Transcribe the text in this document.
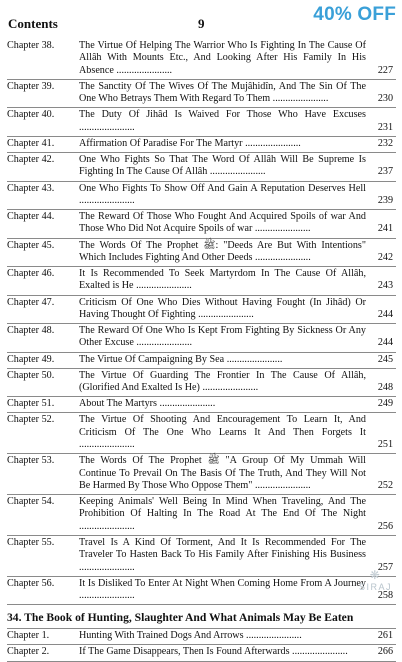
Contents	9	40% OFF
Chapter 38.	The Virtue Of Helping The Warrior Who Is Fighting In The Cause Of Allâh With Mounts Etc., And Looking After His Family In His Absence ......................	227
Chapter 39.	The Sanctity Of The Wives Of The Mujâhidîn, And The Sin Of The One Who Betrays Them With Regard To Them ......................	230
Chapter 40.	The Duty Of Jihâd Is Waived For Those Who Have Excuses ......................	231
Chapter 41.	Affirmation Of Paradise For The Martyr ......................	232
Chapter 42.	One Who Fights So That The Word Of Allâh Will Be Supreme Is Fighting In The Cause Of Allâh ......................	237
Chapter 43.	One Who Fights To Show Off And Gain A Reputation Deserves Hell ......................	239
Chapter 44.	The Reward Of Those Who Fought And Acquired Spoils of war And Those Who Did Not Acquire Spoils of war ......................	241
Chapter 45.	The Words Of The Prophet ﷺ: "Deeds Are But With Intentions" Which Includes Fighting And Other Deeds ......................	242
Chapter 46.	It Is Recommended To Seek Martyrdom In The Cause Of Allâh, Exalted is He ......................	243
Chapter 47.	Criticism Of One Who Dies Without Having Fought (In Jihâd) Or Having Thought Of Fighting ......................	244
Chapter 48.	The Reward Of One Who Is Kept From Fighting By Sickness Or Any Other Excuse ......................	244
Chapter 49.	The Virtue Of Campaigning By Sea ......................	245
Chapter 50.	The Virtue Of Guarding The Frontier In The Cause Of Allâh, (Glorified And Exalted Is He) ......................	248
Chapter 51.	About The Martyrs ......................	249
Chapter 52.	The Virtue Of Shooting And Encouragement To Learn It, And Criticism Of The One Who Learns It And Then Forgets It ......................	251
Chapter 53.	The Words Of The Prophet ﷺ "A Group Of My Ummah Will Continue To Prevail On The Basis Of The Truth, And They Will Not Be Harmed By Those Who Oppose Them" ......................	252
Chapter 54.	Keeping Animals' Well Being In Mind When Traveling, And The Prohibition Of Halting In The Road At The End Of The Night ......................	256
Chapter 55.	Travel Is A Kind Of Torment, And It Is Recommended For The Traveler To Hasten Back To His Family After Finishing His Business ......................	257
Chapter 56.	It Is Disliked To Enter At Night When Coming Home From A Journey ......................	258
34. The Book of Hunting, Slaughter And What Animals May Be Eaten
Chapter 1.	Hunting With Trained Dogs And Arrows ......................	261
Chapter 2.	If The Game Disappears, Then Is Found Afterwards ......................	266
❋
SIRAJ
